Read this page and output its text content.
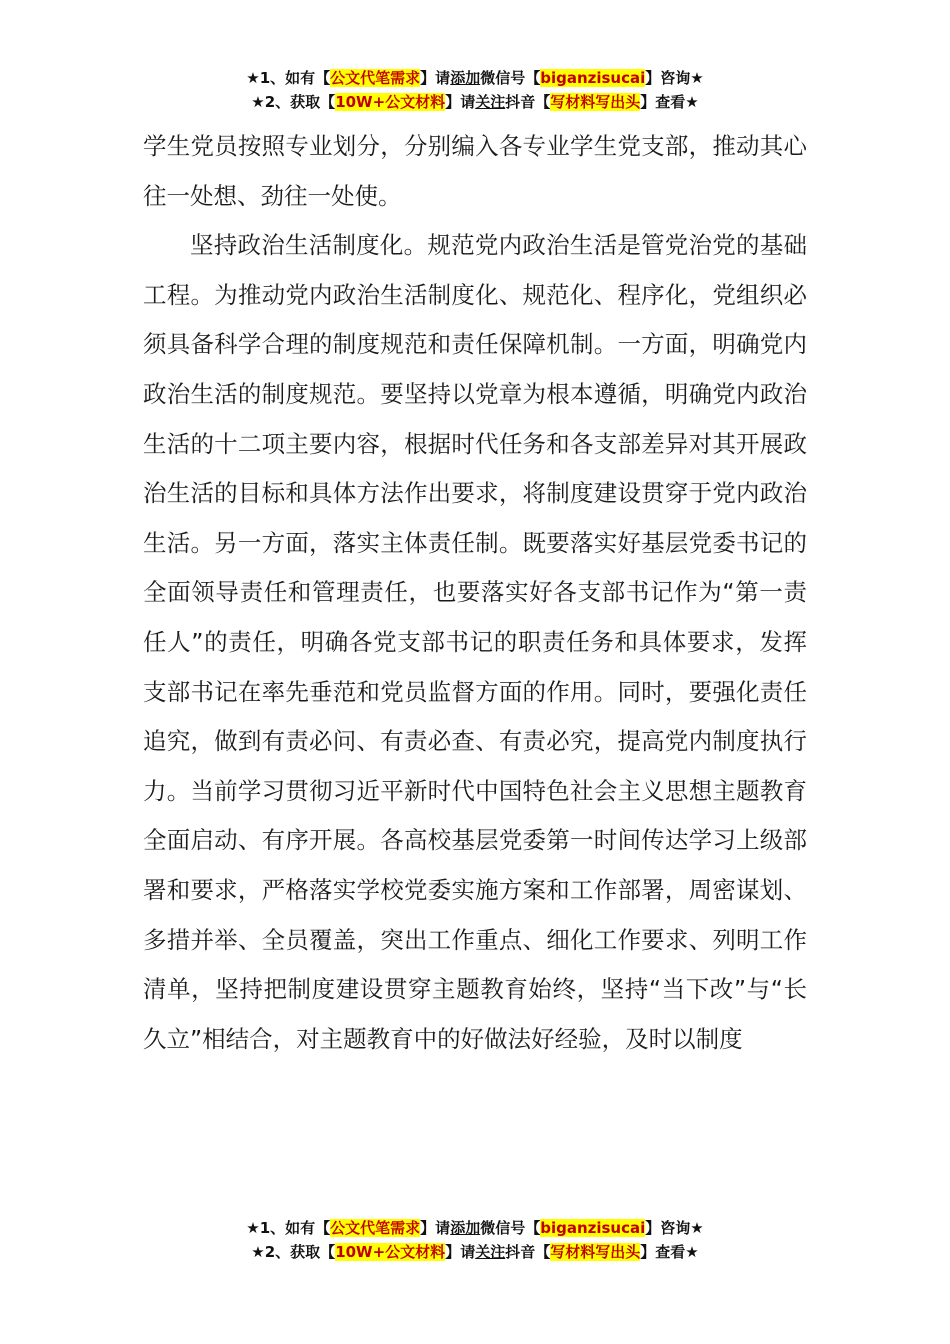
★1、如有【公文代笔需求】请添加微信号【biganzisucai】咨询★
★2、获取【10W+公文材料】请关注抖音【写材料写出头】查看★

学生党员按照专业划分，分别编入各专业学生党支部，推动其心往一处想、劲往一处使。

坚持政治生活制度化。规范党内政治生活是管党治党的基础工程。为推动党内政治生活制度化、规范化、程序化，党组织必须具备科学合理的制度规范和责任保障机制。一方面，明确党内政治生活的制度规范。要坚持以党章为根本遵循，明确党内政治生活的十二项主要内容，根据时代任务和各支部差异对其开展政治生活的目标和具体方法作出要求，将制度建设贯穿于党内政治生活。另一方面，落实主体责任制。既要落实好基层党委书记的全面领导责任和管理责任，也要落实好各支部书记作为“第一责任人”的责任，明确各党支部书记的职责任务和具体要求，发挥支部书记在率先垂范和党员监督方面的作用。同时，要强化责任追究，做到有责必问、有责必查、有责必究，提高党内制度执行力。当前学习贯彻习近平新时代中国特色社会主义思想主题教育全面启动、有序开展。各高校基层党委第一时间传达学习上级部署和要求，严格落实学校党委实施方案和工作部署，周密谋划、多措并举、全员覆盖，突出工作重点、细化工作要求、列明工作清单，坚持把制度建设贯穿主题教育始终，坚持“当下改”与“长久立”相结合，对主题教育中的好做法好经验，及时以制度

★1、如有【公文代笔需求】请添加微信号【biganzisucai】咨询★
★2、获取【10W+公文材料】请关注抖音【写材料写出头】查看★
